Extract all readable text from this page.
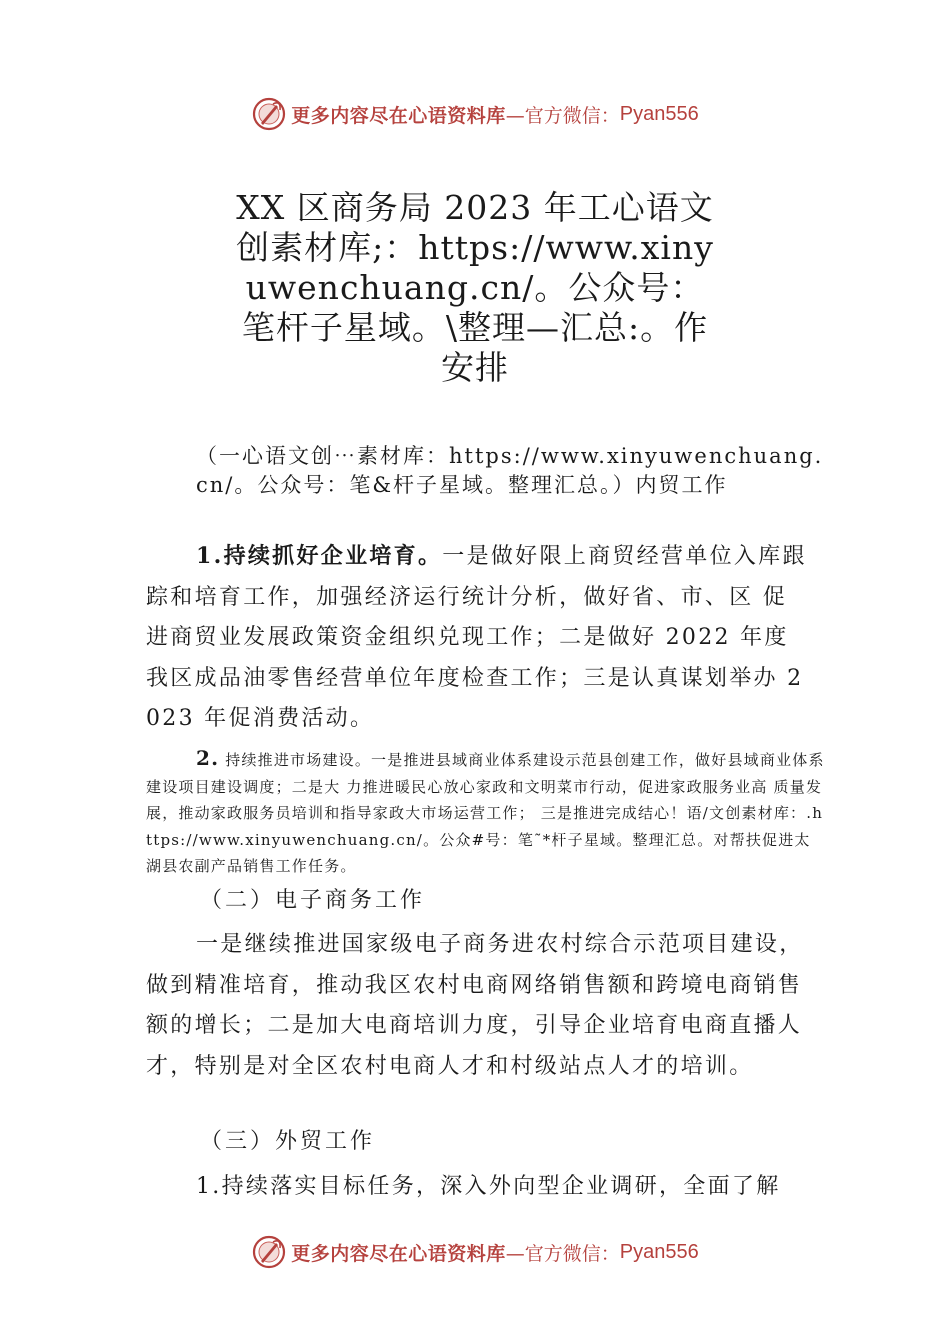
更多内容尽在心语资料库 —官方微信： Pyan556
XX 区商务局 2023 年工心语文创素材库;：https://www.xinyuwenchuang.cn/。公众号：笔杆子星域。\整理—汇总:。作安排
（一心语文创⋯素材库：https://www.xinyuwenchuang.cn/。公众号：笔&杆子星域。整理汇总。）内贸工作
1.持续抓好企业培育。一是做好限上商贸经营单位入库跟踪和培育工作，加强经济运行统计分析，做好省、市、区 促进商贸业发展政策资金组织兑现工作；二是做好 2022 年度我区成品油零售经营单位年度检查工作；三是认真谋划举办 2023 年促消费活动。
2. 持续推进市场建设。一是推进县域商业体系建设示范县创建工作，做好县域商业体系建设项目建设调度；二是大 力推进暖民心放心家政和文明菜市行动，促进家政服务业高 质量发展，推动家政服务员培训和指导家政大市场运营工作； 三是推进完成结心！语/文创素材库：.https://www.xinyuwenchuang.cn/。公众#号：笔˜*杆子星域。整理汇总。对帮扶促进太湖县农副产品销售工作任务。
（二）电子商务工作
一是继续推进国家级电子商务进农村综合示范项目建设，做到精准培育，推动我区农村电商网络销售额和跨境电商销售额的增长；二是加大电商培训力度，引导企业培育电商直播人才，特别是对全区农村电商人才和村级站点人才的培训。
（三）外贸工作
1.持续落实目标任务，深入外向型企业调研，全面了解
更多内容尽在心语资料库 —官方微信： Pyan556
